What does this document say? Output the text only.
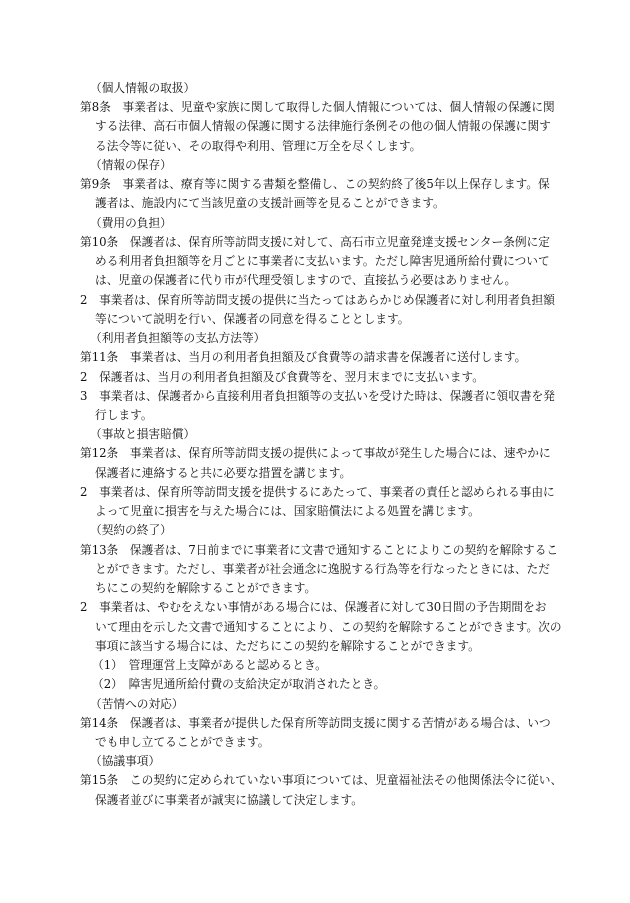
（個人情報の取扱）
第8条　事業者は、児童や家族に関して取得した個人情報については、個人情報の保護に関
する法律、高石市個人情報の保護に関する法律施行条例その他の個人情報の保護に関す
る法令等に従い、その取得や利用、管理に万全を尽くします。
（情報の保存）
第9条　事業者は、療育等に関する書類を整備し、この契約終了後5年以上保存します。保
護者は、施設内にて当該児童の支援計画等を見ることができます。
（費用の負担）
第10条　保護者は、保育所等訪問支援に対して、高石市立児童発達支援センター条例に定
める利用者負担額等を月ごとに事業者に支払います。ただし障害児通所給付費について
は、児童の保護者に代り市が代理受領しますので、直接払う必要はありません。
2　事業者は、保育所等訪問支援の提供に当たってはあらかじめ保護者に対し利用者負担額
等について説明を行い、保護者の同意を得ることとします。
（利用者負担額等の支払方法等）
第11条　事業者は、当月の利用者負担額及び食費等の請求書を保護者に送付します。
2　保護者は、当月の利用者負担額及び食費等を、翌月末までに支払います。
3　事業者は、保護者から直接利用者負担額等の支払いを受けた時は、保護者に領収書を発
行します。
（事故と損害賠償）
第12条　事業者は、保育所等訪問支援の提供によって事故が発生した場合には、速やかに
保護者に連絡すると共に必要な措置を講じます。
2　事業者は、保育所等訪問支援を提供するにあたって、事業者の責任と認められる事由に
よって児童に損害を与えた場合には、国家賠償法による処置を講じます。
（契約の終了）
第13条　保護者は、7日前までに事業者に文書で通知することによりこの契約を解除するこ
とができます。ただし、事業者が社会通念に逸脱する行為等を行なったときには、ただ
ちにこの契約を解除することができます。
2　事業者は、やむをえない事情がある場合には、保護者に対して30日間の予告期間をお
いて理由を示した文書で通知することにより、この契約を解除することができます。次の
事項に該当する場合には、ただちにこの契約を解除することができます。
（1）　管理運営上支障があると認めるとき。
（2）　障害児通所給付費の支給決定が取消されたとき。
（苦情への対応）
第14条　保護者は、事業者が提供した保育所等訪問支援に関する苦情がある場合は、いつ
でも申し立てることができます。
（協議事項）
第15条　この契約に定められていない事項については、児童福祉法その他関係法令に従い、
保護者並びに事業者が誠実に協議して決定します。
